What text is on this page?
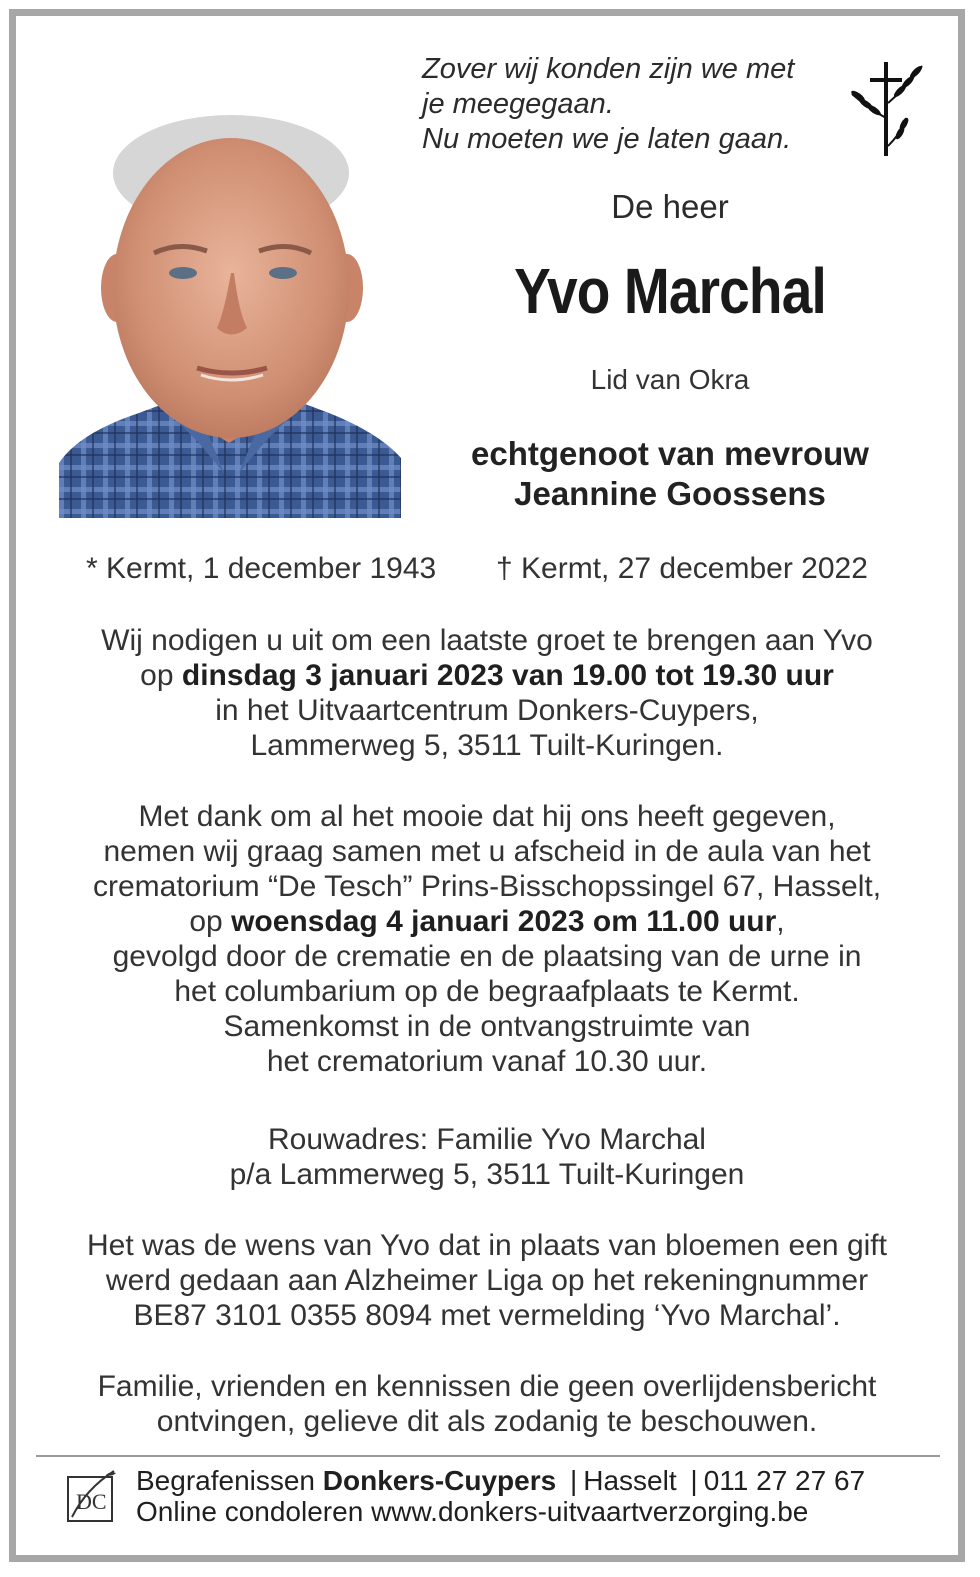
Zover wij konden zijn we met
je meegegaan.
Nu moeten we je laten gaan.
De heer
Yvo Marchal
Lid van Okra
echtgenoot van mevrouw
Jeannine Goossens
* Kermt, 1 december 1943 † Kermt, 27 december 2022
Wij nodigen u uit om een laatste groet te brengen aan Yvo
op dinsdag 3 januari 2023 van 19.00 tot 19.30 uur
in het Uitvaartcentrum Donkers-Cuypers,
Lammerweg 5, 3511 Tuilt-Kuringen.
Met dank om al het mooie dat hij ons heeft gegeven,
nemen wij graag samen met u afscheid in de aula van het
crematorium “De Tesch” Prins-Bisschopssingel 67, Hasselt,
op woensdag 4 januari 2023 om 11.00 uur,
gevolgd door de crematie en de plaatsing van de urne in
het columbarium op de begraafplaats te Kermt.
Samenkomst in de ontvangstruimte van
het crematorium vanaf 10.30 uur.
Rouwadres: Familie Yvo Marchal
p/a Lammerweg 5, 3511 Tuilt-Kuringen
Het was de wens van Yvo dat in plaats van bloemen een gift
werd gedaan aan Alzheimer Liga op het rekeningnummer
BE87 3101 0355 8094 met vermelding ‘Yvo Marchal’.
Familie, vrienden en kennissen die geen overlijdensbericht
ontvingen, gelieve dit als zodanig te beschouwen.
DC
Begrafenissen Donkers-Cuypers | Hasselt | 011 27 27 67
Online condoleren www.donkers-uitvaartverzorging.be
